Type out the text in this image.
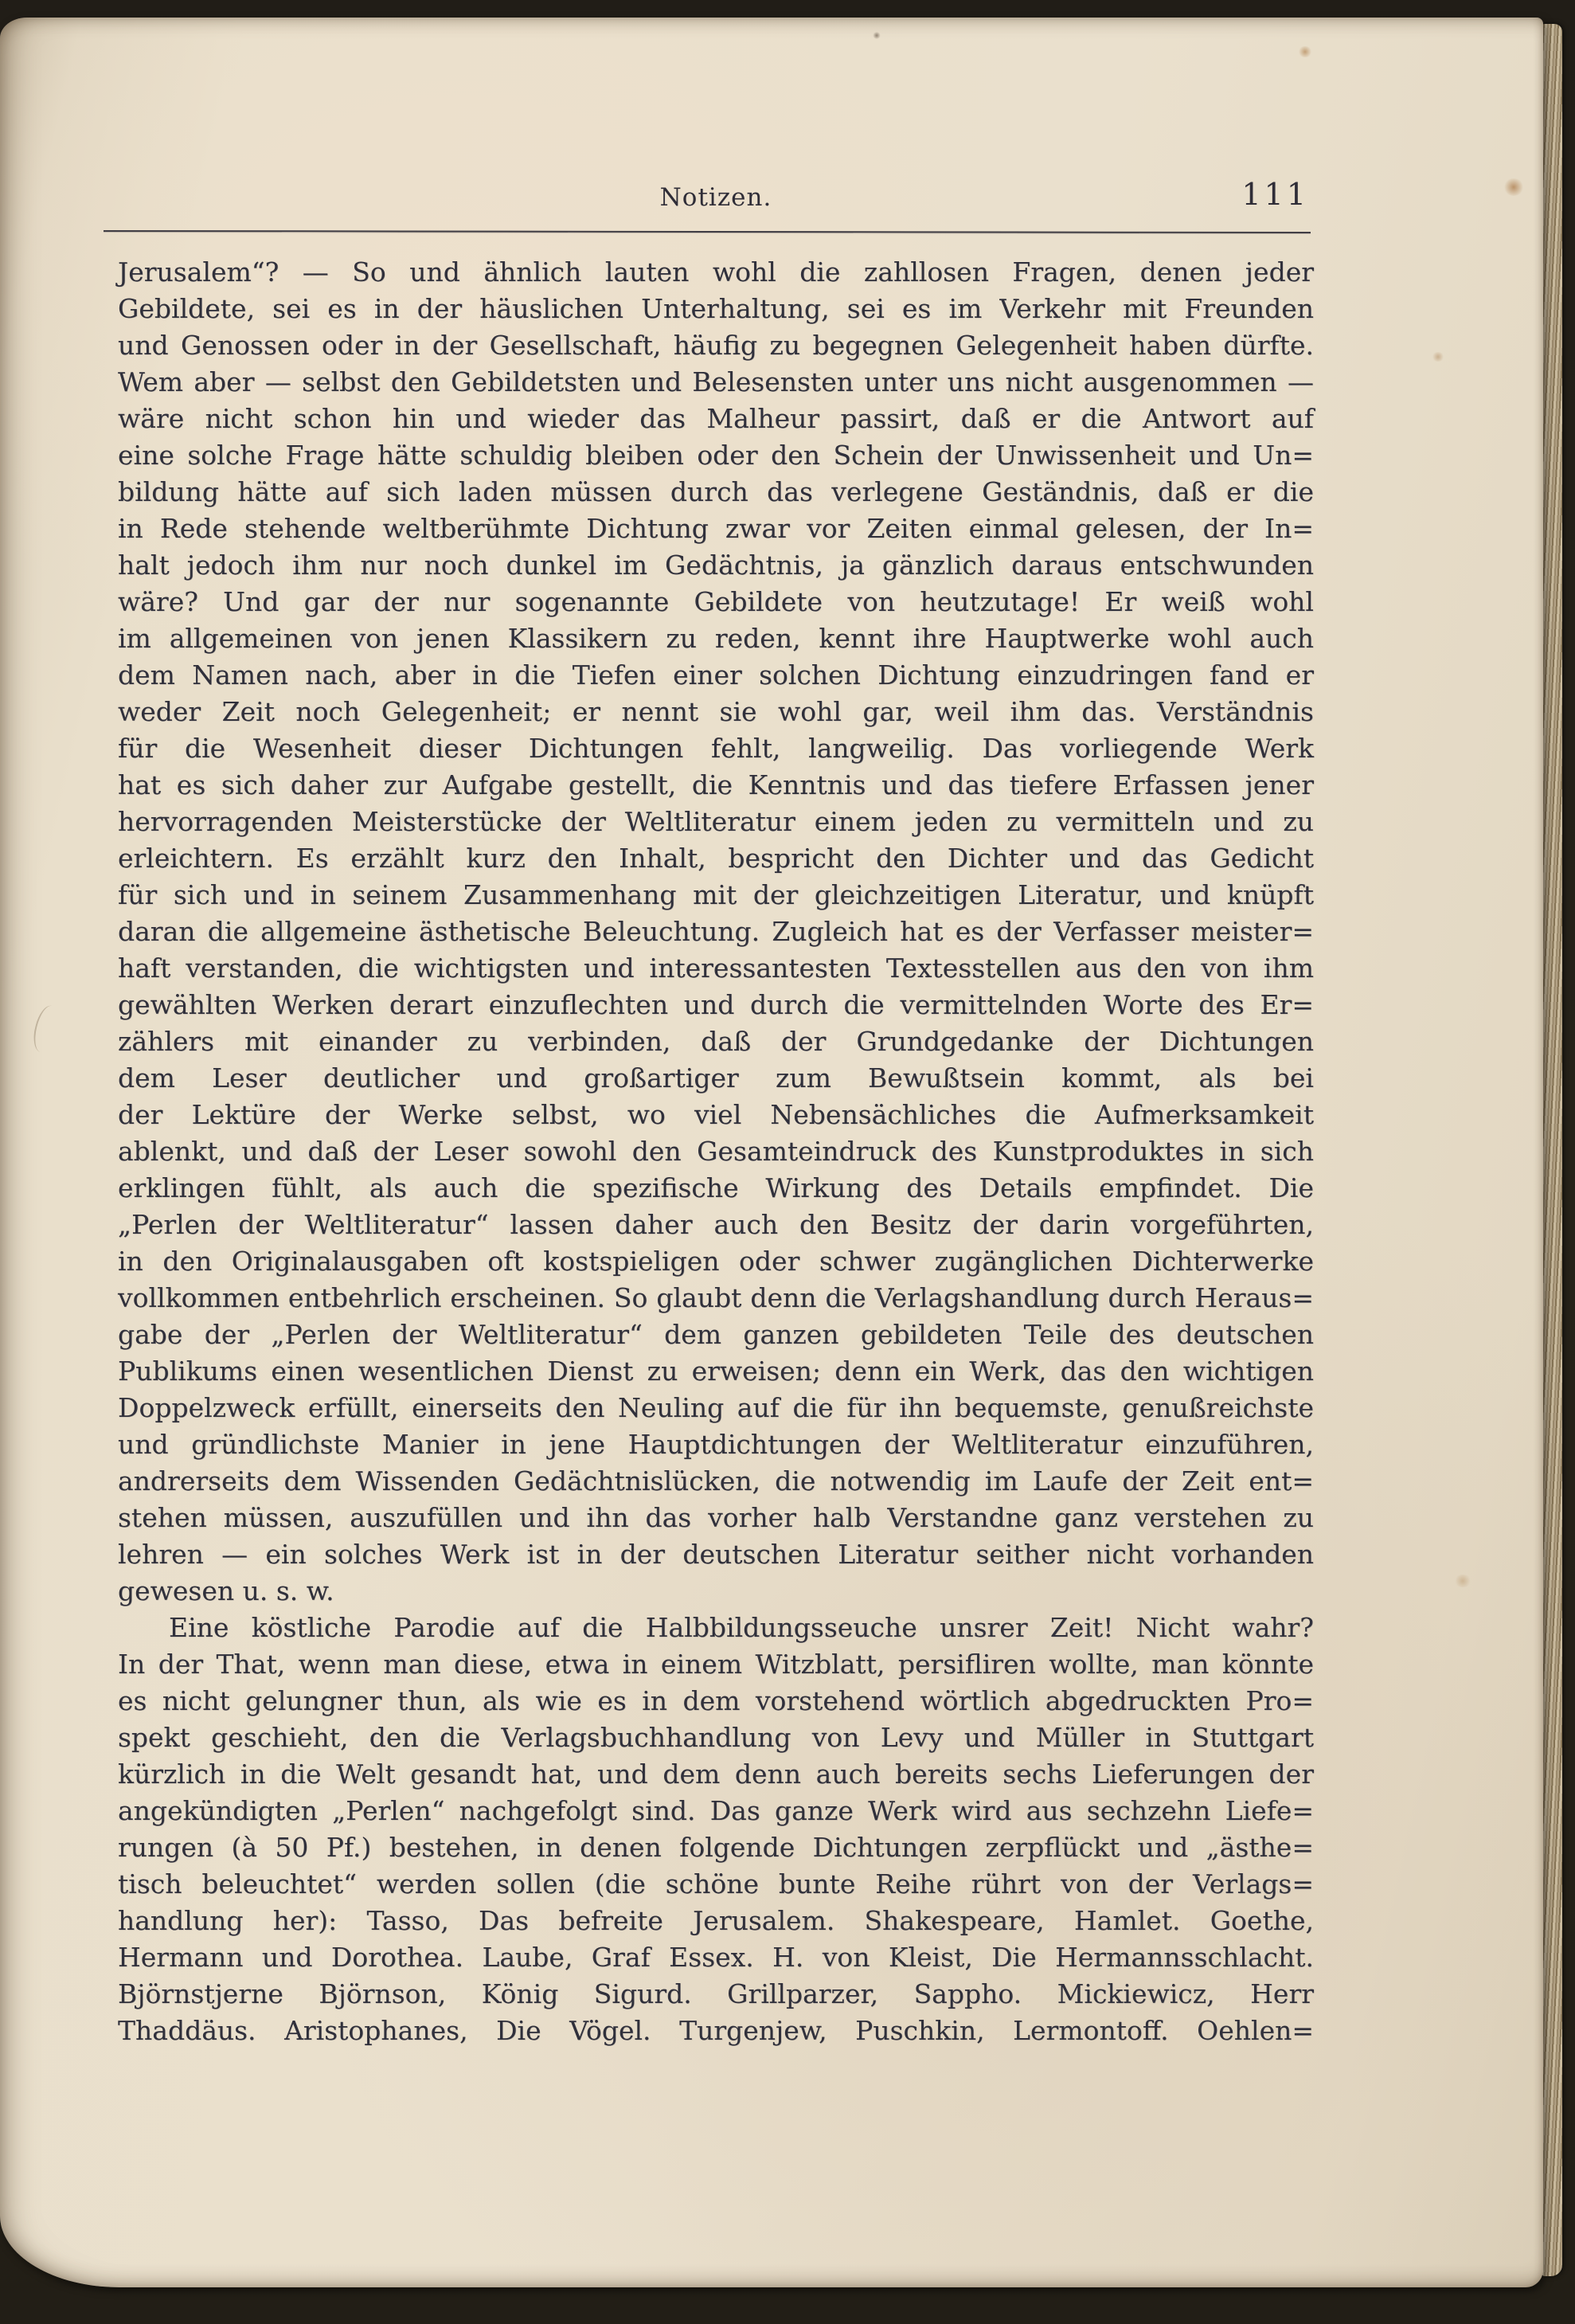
Notizen.	111
Jerusalem“? — So und ähnlich lauten wohl die zahllosen Fragen, denen jeder
Gebildete, sei es in der häuslichen Unterhaltung, sei es im Verkehr mit Freunden
und Genossen oder in der Gesellschaft, häufig zu begegnen Gelegenheit haben dürfte.
Wem aber — selbst den Gebildetsten und Belesensten unter uns nicht ausgenommen —
wäre nicht schon hin und wieder das Malheur passirt, daß er die Antwort auf
eine solche Frage hätte schuldig bleiben oder den Schein der Unwissenheit und Un=
bildung hätte auf sich laden müssen durch das verlegene Geständnis, daß er die
in Rede stehende weltberühmte Dichtung zwar vor Zeiten einmal gelesen, der In=
halt jedoch ihm nur noch dunkel im Gedächtnis, ja gänzlich daraus entschwunden
wäre? Und gar der nur sogenannte Gebildete von heutzutage! Er weiß wohl
im allgemeinen von jenen Klassikern zu reden, kennt ihre Hauptwerke wohl auch
dem Namen nach, aber in die Tiefen einer solchen Dichtung einzudringen fand er
weder Zeit noch Gelegenheit; er nennt sie wohl gar, weil ihm das. Verständnis
für die Wesenheit dieser Dichtungen fehlt, langweilig. Das vorliegende Werk
hat es sich daher zur Aufgabe gestellt, die Kenntnis und das tiefere Erfassen jener
hervorragenden Meisterstücke der Weltliteratur einem jeden zu vermitteln und zu
erleichtern. Es erzählt kurz den Inhalt, bespricht den Dichter und das Gedicht
für sich und in seinem Zusammenhang mit der gleichzeitigen Literatur, und knüpft
daran die allgemeine ästhetische Beleuchtung. Zugleich hat es der Verfasser meister=
haft verstanden, die wichtigsten und interessantesten Textesstellen aus den von ihm
gewählten Werken derart einzuflechten und durch die vermittelnden Worte des Er=
zählers mit einander zu verbinden, daß der Grundgedanke der Dichtungen
dem Leser deutlicher und großartiger zum Bewußtsein kommt, als bei
der Lektüre der Werke selbst, wo viel Nebensächliches die Aufmerksamkeit
ablenkt, und daß der Leser sowohl den Gesamteindruck des Kunstproduktes in sich
erklingen fühlt, als auch die spezifische Wirkung des Details empfindet. Die
„Perlen der Weltliteratur“ lassen daher auch den Besitz der darin vorgeführten,
in den Originalausgaben oft kostspieligen oder schwer zugänglichen Dichterwerke
vollkommen entbehrlich erscheinen. So glaubt denn die Verlagshandlung durch Heraus=
gabe der „Perlen der Weltliteratur“ dem ganzen gebildeten Teile des deutschen
Publikums einen wesentlichen Dienst zu erweisen; denn ein Werk, das den wichtigen
Doppelzweck erfüllt, einerseits den Neuling auf die für ihn bequemste, genußreichste
und gründlichste Manier in jene Hauptdichtungen der Weltliteratur einzuführen,
andrerseits dem Wissenden Gedächtnislücken, die notwendig im Laufe der Zeit ent=
stehen müssen, auszufüllen und ihn das vorher halb Verstandne ganz verstehen zu
lehren — ein solches Werk ist in der deutschen Literatur seither nicht vorhanden
gewesen u. s. w.
Eine köstliche Parodie auf die Halbbildungsseuche unsrer Zeit! Nicht wahr?
In der That, wenn man diese, etwa in einem Witzblatt, persifliren wollte, man könnte
es nicht gelungner thun, als wie es in dem vorstehend wörtlich abgedruckten Pro=
spekt geschieht, den die Verlagsbuchhandlung von Levy und Müller in Stuttgart
kürzlich in die Welt gesandt hat, und dem denn auch bereits sechs Lieferungen der
angekündigten „Perlen“ nachgefolgt sind. Das ganze Werk wird aus sechzehn Liefe=
rungen (à 50 Pf.) bestehen, in denen folgende Dichtungen zerpflückt und „ästhe=
tisch beleuchtet“ werden sollen (die schöne bunte Reihe rührt von der Verlags=
handlung her): Tasso, Das befreite Jerusalem. Shakespeare, Hamlet. Goethe,
Hermann und Dorothea. Laube, Graf Essex. H. von Kleist, Die Hermannsschlacht.
Björnstjerne Björnson, König Sigurd. Grillparzer, Sappho. Mickiewicz, Herr
Thaddäus. Aristophanes, Die Vögel. Turgenjew, Puschkin, Lermontoff. Oehlen=
